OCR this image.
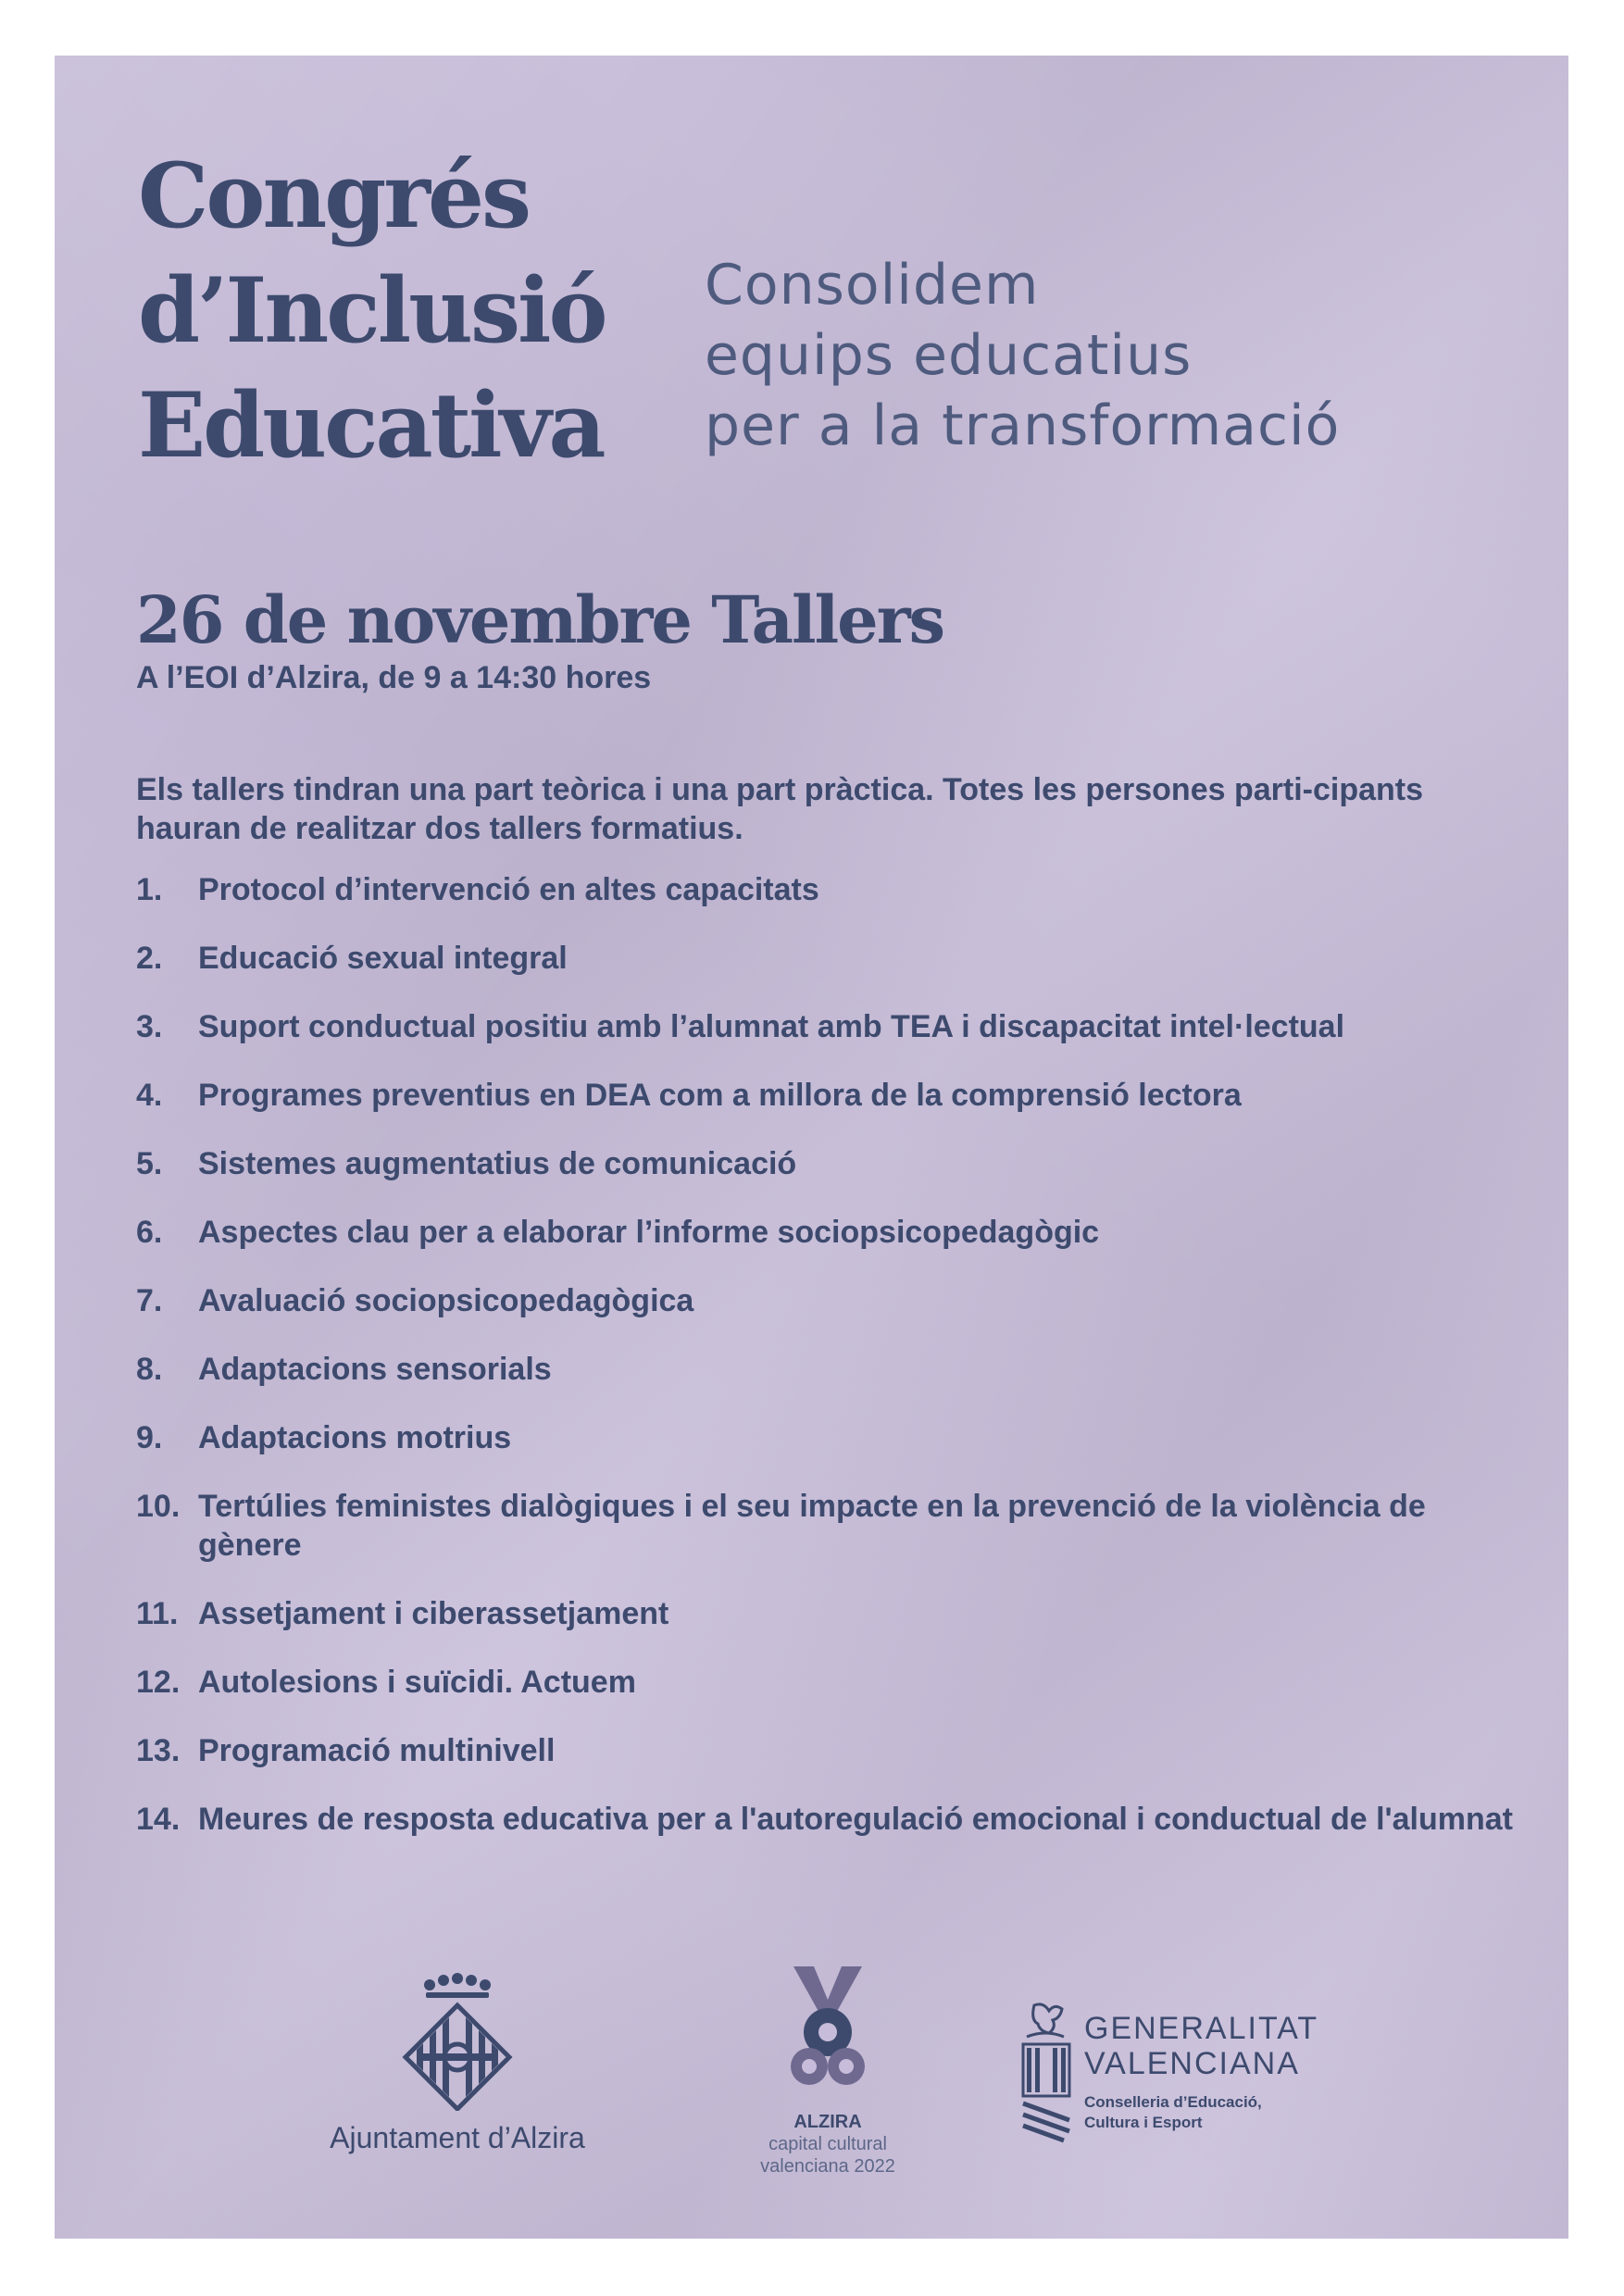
Congrés
d’Inclusió
Educativa
Consolidem
equips educatius
per a la transformació
26 de novembre Tallers

A l’EOI d’Alzira, de 9 a 14:30 hores

Els tallers tindran una part teòrica i una part pràctica. Totes les persones parti-cipants hauran de realitzar dos tallers formatius.

1.	Protocol d’intervenció en altes capacitats
2.	Educació sexual integral
3.	Suport conductual positiu amb l’alumnat amb TEA i discapacitat intel·lectual
4.	Programes preventius en DEA com a millora de la comprensió lectora
5.	Sistemes augmentatius de comunicació
6.	Aspectes clau per a elaborar l’informe sociopsicopedagògic
7.	Avaluació sociopsicopedagògica
8.	Adaptacions sensorials
9.	Adaptacions motrius
10. Tertúlies feministes dialògiques i el seu impacte en la prevenció de la violència de gènere
11. Assetjament i ciberassetjament
12. Autolesions i suïcidi. Actuem
13. Programació multinivell
14. Meures de resposta educativa per a l'autoregulació emocional i conductual de l'alumnat
Ajuntament d’Alzira	ALZIRA
capital cultural
valenciana 2022
GENERALITAT
VALENCIANA
Conselleria d’Educació,
Cultura i Esport
